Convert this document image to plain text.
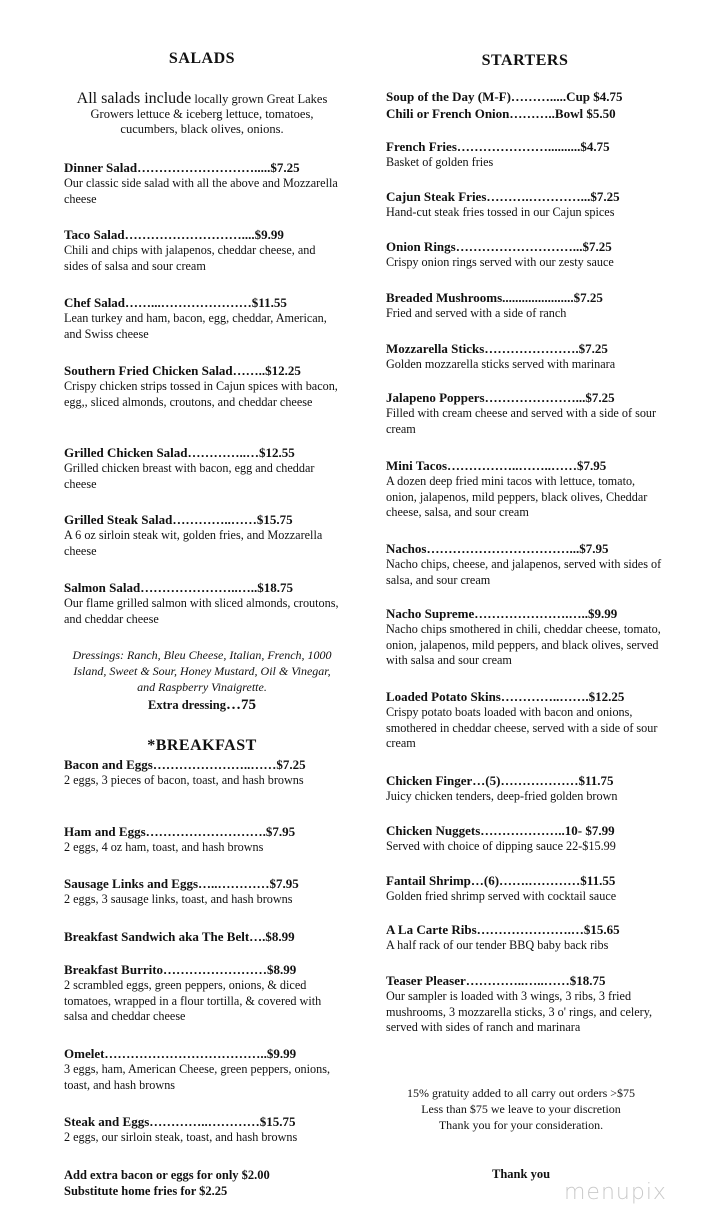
SALADS
All salads include locally grown Great Lakes Growers lettuce & iceberg lettuce, tomatoes, cucumbers, black olives, onions.
Dinner Salad……………………….....$7.25
Our classic side salad with all the above and Mozzarella cheese
Taco Salad………………………....$9.99
Chili and chips with jalapenos, cheddar cheese, and sides of salsa and sour cream
Chef Salad……...…………………$11.55
Lean turkey and ham, bacon, egg, cheddar, American, and Swiss cheese
Southern Fried Chicken Salad……..$12.25
Crispy chicken strips tossed in Cajun spices with bacon, egg,, sliced almonds, croutons, and cheddar cheese
Grilled Chicken Salad…………..…$12.55
Grilled chicken breast with bacon, egg and cheddar cheese
Grilled Steak Salad…………..……$15.75
A 6 oz sirloin steak wit, golden fries, and Mozzarella cheese
Salmon Salad…………………..…..$18.75
Our flame grilled salmon with sliced almonds, croutons, and cheddar cheese
Dressings: Ranch, Bleu Cheese, Italian, French, 1000 Island, Sweet & Sour, Honey Mustard, Oil & Vinegar, and Raspberry Vinaigrette.
Extra dressing…75
*BREAKFAST
Bacon and Eggs…………………..……$7.25
2 eggs, 3 pieces of bacon, toast, and hash browns
Ham and Eggs……………………….$7.95
2 eggs, 4 oz ham, toast, and hash browns
Sausage Links and Eggs…..…………$7.95
2 eggs, 3 sausage links, toast, and hash browns
Breakfast Sandwich aka The Belt….$8.99
Breakfast Burrito……………………$8.99
2 scrambled eggs, green peppers, onions, & diced tomatoes, wrapped in a flour tortilla, & covered with salsa and cheddar cheese
Omelet………………………………..$9.99
3 eggs, ham, American Cheese, green peppers, onions, toast, and hash browns
Steak and Eggs…………..…………$15.75
2 eggs, our sirloin steak, toast, and hash browns
Add extra bacon or eggs for only $2.00
Substitute home fries for $2.25
STARTERS
Soup of the Day (M-F)……….....Cup $4.75
Chili or French Onion………..Bowl $5.50
French Fries…………………..........$4.75
Basket of golden fries
Cajun Steak Fries……….…………...$7.25
Hand-cut steak fries tossed in our Cajun spices
Onion Rings………………………...$7.25
Crispy onion rings served with our zesty sauce
Breaded Mushrooms......................$7.25
Fried and served with a side of ranch
Mozzarella Sticks………………….$7.25
Golden mozzarella sticks served with marinara
Jalapeno Poppers…………………...$7.25
Filled with cream cheese and served with a side of sour cream
Mini Tacos……………..……..……$7.95
A dozen deep fried mini tacos with lettuce, tomato, onion, jalapenos, mild peppers, black olives, Cheddar cheese, salsa, and sour cream
Nachos……………………………...$7.95
Nacho chips, cheese, and jalapenos, served with sides of salsa, and sour cream
Nacho Supreme………………….…..$9.99
Nacho chips smothered in chili, cheddar cheese, tomato, onion, jalapenos, mild peppers, and black olives, served with salsa and sour cream
Loaded Potato Skins…………..…….$12.25
Crispy potato boats loaded with bacon and onions, smothered in cheddar cheese, served with a side of sour cream
Chicken Finger…(5)………………$11.75
Juicy chicken tenders, deep-fried golden brown
Chicken Nuggets………………..10- $7.99
Served with choice of dipping sauce 22-$15.99
Fantail Shrimp…(6)…….…………$11.55
Golden fried shrimp served with cocktail sauce
A La Carte Ribs………………….…$15.65
A half rack of our tender BBQ baby back ribs
Teaser Pleaser…………..…..……$18.75
Our sampler is loaded with 3 wings, 3 ribs, 3 fried mushrooms, 3 mozzarella sticks, 3 o' rings, and celery, served with sides of ranch and marinara
15% gratuity added to all carry out orders >$75
Less than $75 we leave to your discretion
Thank you for your consideration.
Thank you
menupix
